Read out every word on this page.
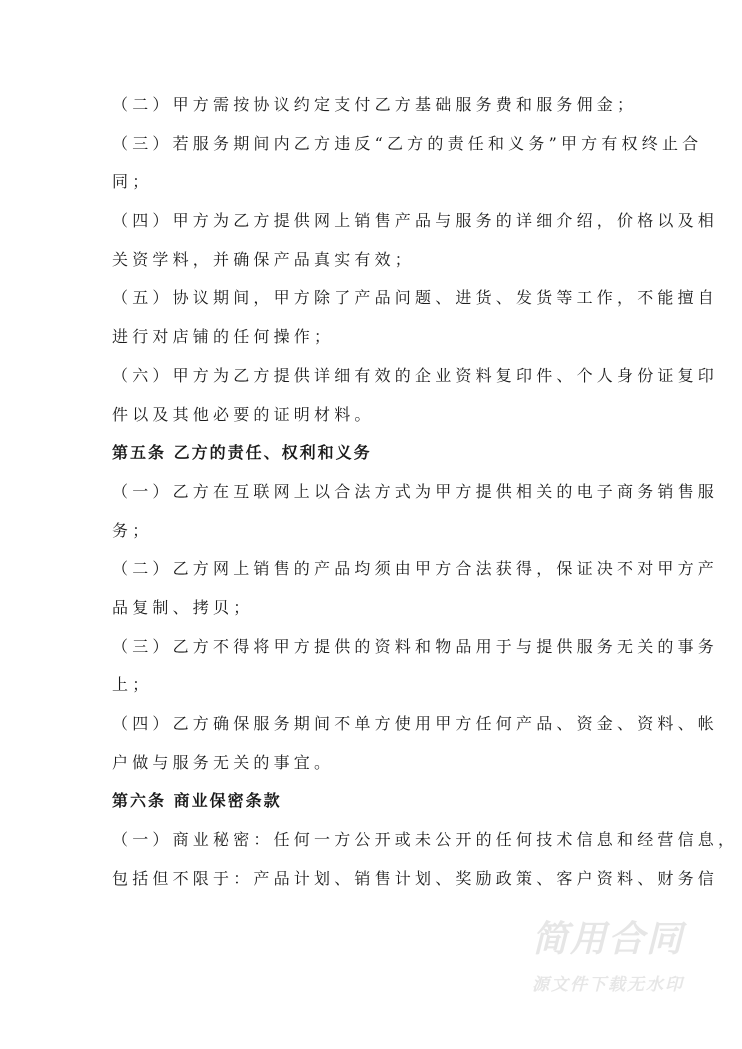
（二）甲方需按协议约定支付乙方基础服务费和服务佣金；
（三）若服务期间内乙方违反“乙方的责任和义务”甲方有权终止合
同；
（四）甲方为乙方提供网上销售产品与服务的详细介绍，价格以及相
关资学料，并确保产品真实有效；
（五）协议期间，甲方除了产品问题、进货、发货等工作，不能擅自
进行对店铺的任何操作；
（六）甲方为乙方提供详细有效的企业资料复印件、个人身份证复印
件以及其他必要的证明材料。
第五条 乙方的责任、权利和义务
（一）乙方在互联网上以合法方式为甲方提供相关的电子商务销售服
务；
（二）乙方网上销售的产品均须由甲方合法获得，保证决不对甲方产
品复制、拷贝；
（三）乙方不得将甲方提供的资料和物品用于与提供服务无关的事务
上；
（四）乙方确保服务期间不单方使用甲方任何产品、资金、资料、帐
户做与服务无关的事宜。
第六条 商业保密条款
（一）商业秘密：任何一方公开或未公开的任何技术信息和经营信息，
包括但不限于：产品计划、销售计划、奖励政策、客户资料、财务信
简用合同
源文件下载无水印
